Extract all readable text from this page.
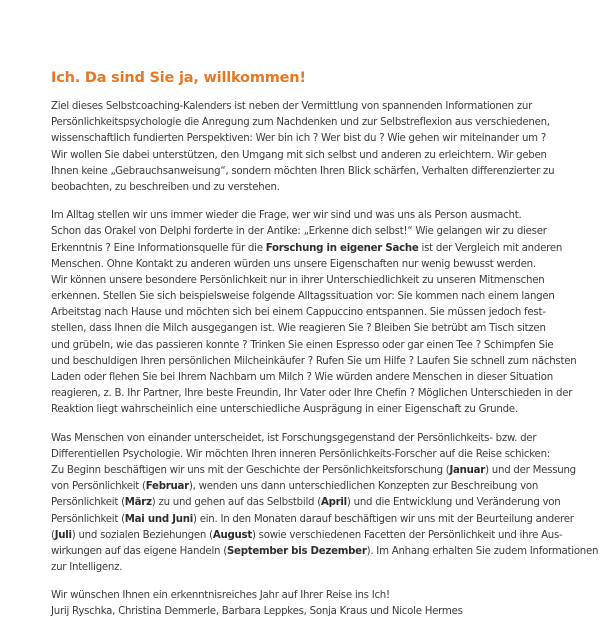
Ich. Da sind Sie ja, willkommen!
Ziel dieses Selbstcoaching-Kalenders ist neben der Vermittlung von spannenden Informationen zur
Persönlichkeitspsychologie die Anregung zum Nachdenken und zur Selbstreflexion aus verschiedenen,
wissenschaftlich fundierten Perspektiven: Wer bin ich ? Wer bist du ? Wie gehen wir miteinander um ?
Wir wollen Sie dabei unterstützen, den Umgang mit sich selbst und anderen zu erleichtern. Wir geben
Ihnen keine „Gebrauchsanweisung“, sondern möchten Ihren Blick schärfen, Verhalten differenzierter zu
beobachten, zu beschreiben und zu verstehen.
Im Alltag stellen wir uns immer wieder die Frage, wer wir sind und was uns als Person ausmacht.
Schon das Orakel von Delphi forderte in der Antike: „Erkenne dich selbst!“ Wie gelangen wir zu dieser
Erkenntnis ? Eine Informationsquelle für die Forschung in eigener Sache ist der Vergleich mit anderen
Menschen. Ohne Kontakt zu anderen würden uns unsere Eigenschaften nur wenig bewusst werden.
Wir können unsere besondere Persönlichkeit nur in ihrer Unterschiedlichkeit zu unseren Mitmenschen
erkennen. Stellen Sie sich beispielsweise folgende Alltagssituation vor: Sie kommen nach einem langen
Arbeitstag nach Hause und möchten sich bei einem Cappuccino entspannen. Sie müssen jedoch fest-
stellen, dass Ihnen die Milch ausgegangen ist. Wie reagieren Sie ? Bleiben Sie betrübt am Tisch sitzen
und grübeln, wie das passieren konnte ? Trinken Sie einen Espresso oder gar einen Tee ? Schimpfen Sie
und beschuldigen Ihren persönlichen Milcheinkäufer ? Rufen Sie um Hilfe ? Laufen Sie schnell zum nächsten
Laden oder flehen Sie bei Ihrem Nachbarn um Milch ? Wie würden andere Menschen in dieser Situation
reagieren, z. B. Ihr Partner, Ihre beste Freundin, Ihr Vater oder Ihre Chefin ? Möglichen Unterschieden in der
Reaktion liegt wahrscheinlich eine unterschiedliche Ausprägung in einer Eigenschaft zu Grunde.
Was Menschen von einander unterscheidet, ist Forschungsgegenstand der Persönlichkeits- bzw. der
Differentiellen Psychologie. Wir möchten Ihren inneren Persönlichkeits-Forscher auf die Reise schicken:
Zu Beginn beschäftigen wir uns mit der Geschichte der Persönlichkeitsforschung (Januar) und der Messung
von Persönlichkeit (Februar), wenden uns dann unterschiedlichen Konzepten zur Beschreibung von
Persönlichkeit (März) zu und gehen auf das Selbstbild (April) und die Entwicklung und Veränderung von
Persönlichkeit (Mai und Juni) ein. In den Monaten darauf beschäftigen wir uns mit der Beurteilung anderer
(Juli) und sozialen Beziehungen (August) sowie verschiedenen Facetten der Persönlichkeit und ihre Aus-
wirkungen auf das eigene Handeln (September bis Dezember). Im Anhang erhalten Sie zudem Informationen
zur Intelligenz.
Wir wünschen Ihnen ein erkenntnisreiches Jahr auf Ihrer Reise ins Ich!
Jurij Ryschka, Christina Demmerle, Barbara Leppkes, Sonja Kraus und Nicole Hermes
